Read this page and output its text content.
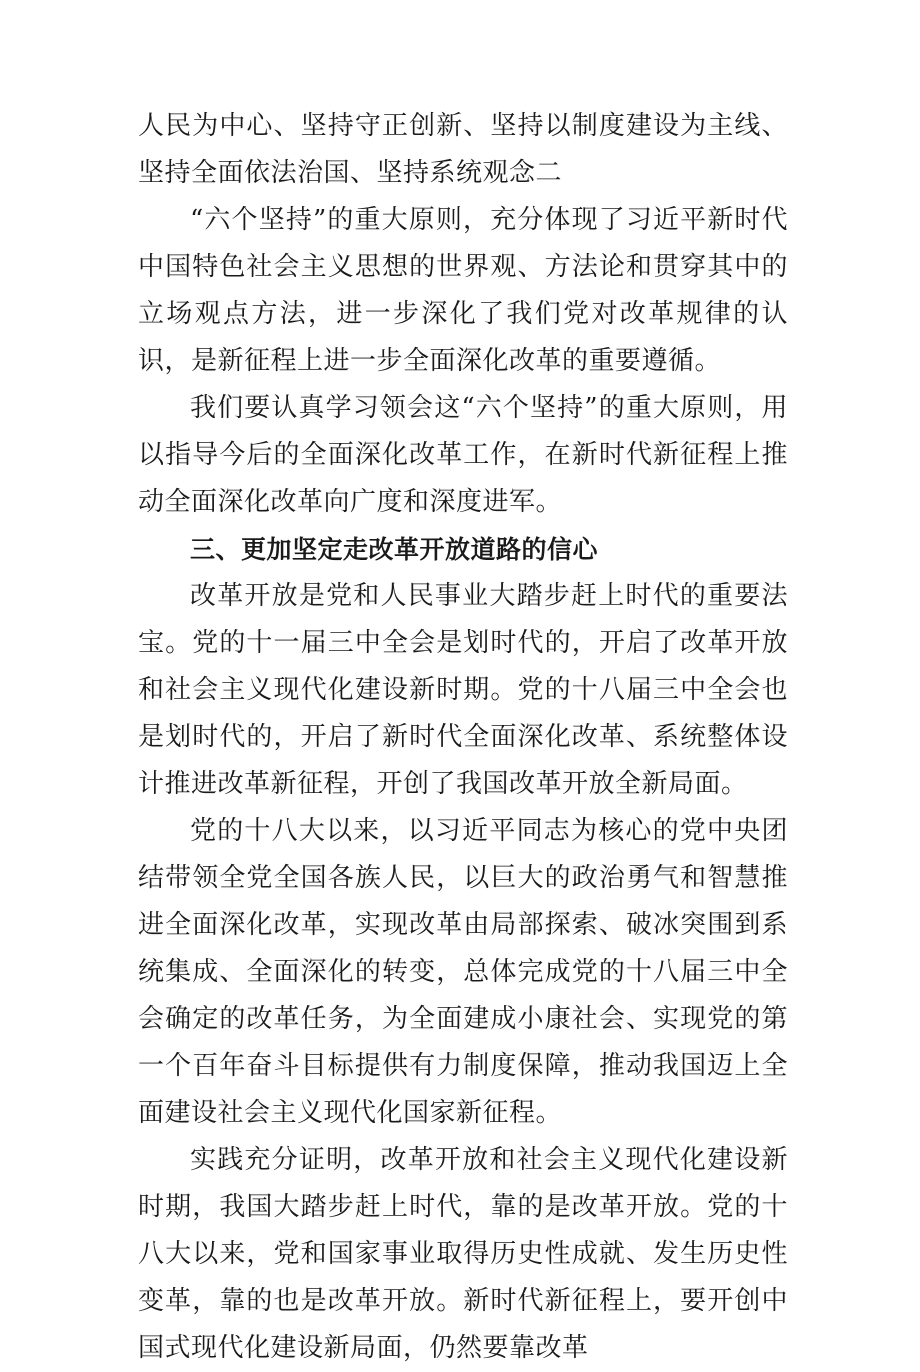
人民为中心、坚持守正创新、坚持以制度建设为主线、坚持全面依法治国、坚持系统观念二

“六个坚持”的重大原则，充分体现了习近平新时代中国特色社会主义思想的世界观、方法论和贯穿其中的立场观点方法，进一步深化了我们党对改革规律的认识，是新征程上进一步全面深化改革的重要遵循。

我们要认真学习领会这“六个坚持”的重大原则，用以指导今后的全面深化改革工作，在新时代新征程上推动全面深化改革向广度和深度进军。

三、更加坚定走改革开放道路的信心

改革开放是党和人民事业大踏步赶上时代的重要法宝。党的十一届三中全会是划时代的，开启了改革开放和社会主义现代化建设新时期。党的十八届三中全会也是划时代的，开启了新时代全面深化改革、系统整体设计推进改革新征程，开创了我国改革开放全新局面。

党的十八大以来，以习近平同志为核心的党中央团结带领全党全国各族人民，以巨大的政治勇气和智慧推进全面深化改革，实现改革由局部探索、破冰突围到系统集成、全面深化的转变，总体完成党的十八届三中全会确定的改革任务，为全面建成小康社会、实现党的第一个百年奋斗目标提供有力制度保障，推动我国迈上全面建设社会主义现代化国家新征程。

实践充分证明，改革开放和社会主义现代化建设新时期，我国大踏步赶上时代，靠的是改革开放。党的十八大以来，党和国家事业取得历史性成就、发生历史性变革，靠的也是改革开放。新时代新征程上，要开创中国式现代化建设新局面，仍然要靠改革
